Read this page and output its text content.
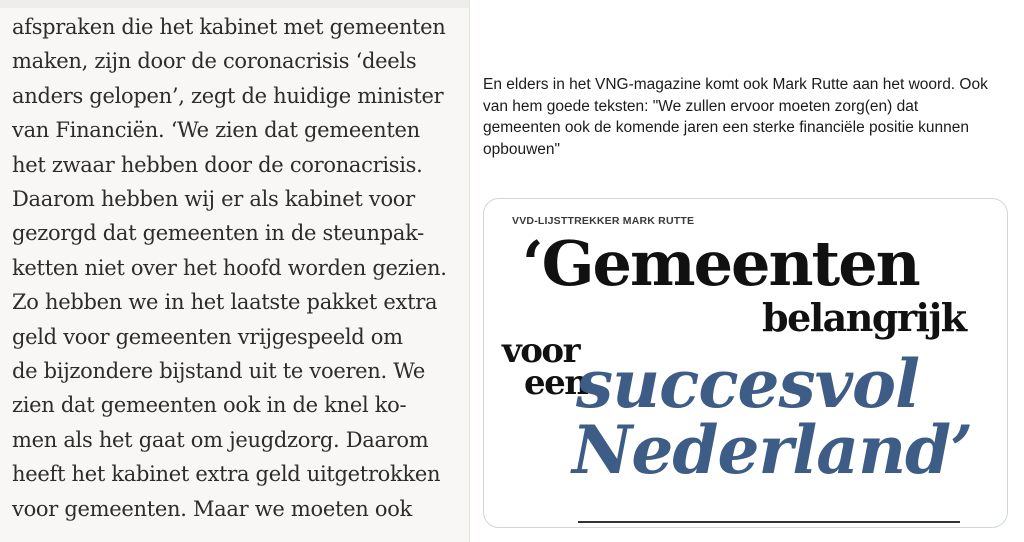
afspraken die het kabinet met gemeenten
maken, zijn door de coronacrisis ‘deels
anders gelopen’, zegt de huidige minister
van Financiën. ‘We zien dat gemeenten
het zwaar hebben door de coronacrisis.
Daarom hebben wij er als kabinet voor
gezorgd dat gemeenten in de steunpak-
ketten niet over het hoofd worden gezien.
Zo hebben we in het laatste pakket extra
geld voor gemeenten vrijgespeeld om
de bijzondere bijstand uit te voeren. We
zien dat gemeenten ook in de knel ko-
men als het gaat om jeugdzorg. Daarom
heeft het kabinet extra geld uitgetrokken
voor gemeenten. Maar we moeten ook

En elders in het VNG-magazine komt ook Mark Rutte aan het woord. Ook

van hem goede teksten: "We zullen ervoor moeten zorg(en) dat

gemeenten ook de komende jaren een sterke financiële positie kunnen

opbouwen"

VVD-LIJSTTREKKER MARK RUTTE
‘Gemeenten
belangrijk
voor
een
succesvol
Nederland’
